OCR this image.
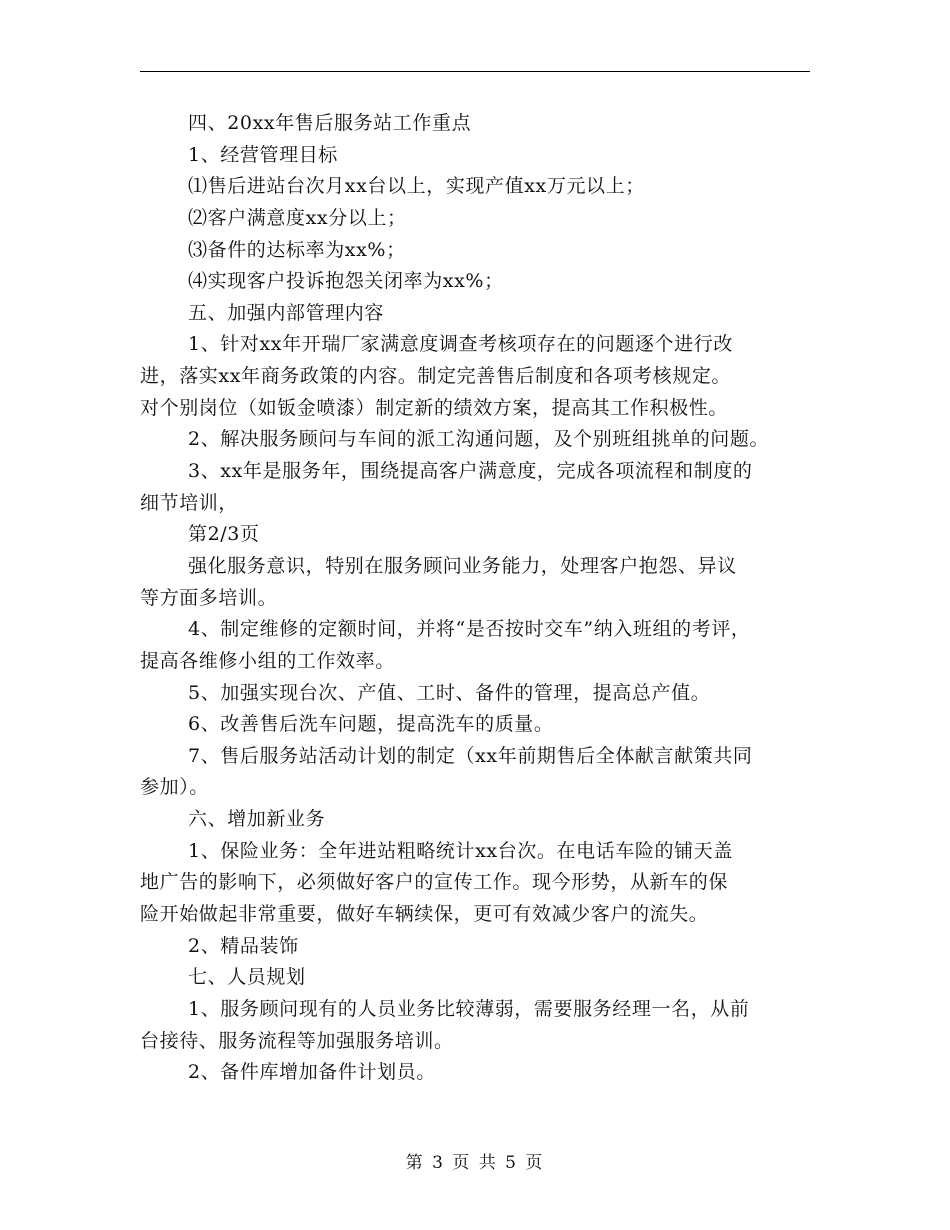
四、20xx年售后服务站工作重点
1、经营管理目标
⑴售后进站台次月xx台以上，实现产值xx万元以上；
⑵客户满意度xx分以上；
⑶备件的达标率为xx%；
⑷实现客户投诉抱怨关闭率为xx%；
五、加强内部管理内容
1、针对xx年开瑞厂家满意度调查考核项存在的问题逐个进行改
进，落实xx年商务政策的内容。制定完善售后制度和各项考核规定。
对个别岗位（如钣金喷漆）制定新的绩效方案，提高其工作积极性。
2、解决服务顾问与车间的派工沟通问题，及个别班组挑单的问题。
3、xx年是服务年，围绕提高客户满意度，完成各项流程和制度的
细节培训，
第2/3页
强化服务意识，特别在服务顾问业务能力，处理客户抱怨、异议
等方面多培训。
4、制定维修的定额时间，并将“是否按时交车”纳入班组的考评，
提高各维修小组的工作效率。
5、加强实现台次、产值、工时、备件的管理，提高总产值。
6、改善售后洗车问题，提高洗车的质量。
7、售后服务站活动计划的制定（xx年前期售后全体献言献策共同
参加）。
六、增加新业务
1、保险业务：全年进站粗略统计xx台次。在电话车险的铺天盖
地广告的影响下，必须做好客户的宣传工作。现今形势，从新车的保
险开始做起非常重要，做好车辆续保，更可有效减少客户的流失。
2、精品装饰
七、人员规划
1、服务顾问现有的人员业务比较薄弱，需要服务经理一名，从前
台接待、服务流程等加强服务培训。
2、备件库增加备件计划员。
第 3 页 共 5 页
